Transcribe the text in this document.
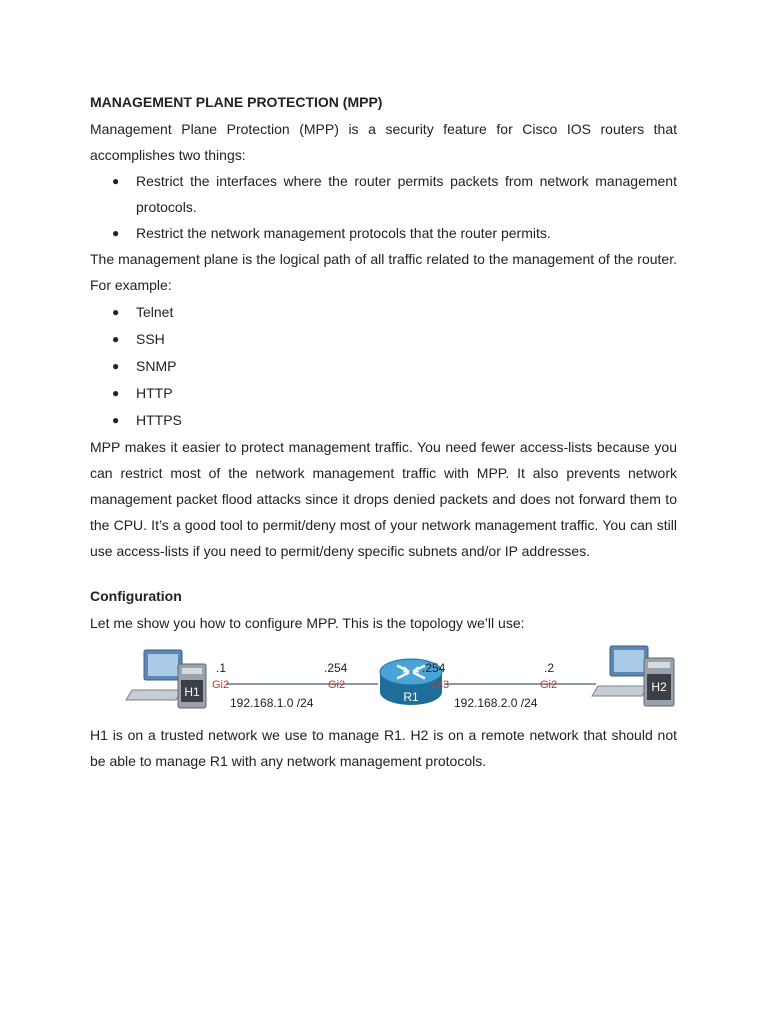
MANAGEMENT PLANE PROTECTION (MPP)

Management Plane Protection (MPP) is a security feature for Cisco IOS routers that accomplishes two things:

● Restrict the interfaces where the router permits packets from network management protocols.
● Restrict the network management protocols that the router permits.

The management plane is the logical path of all traffic related to the management of the router. For example:

● Telnet
● SSH
● SNMP
● HTTP
● HTTPS

MPP makes it easier to protect management traffic. You need fewer access-lists because you can restrict most of the network management traffic with MPP. It also prevents network management packet flood attacks since it drops denied packets and does not forward them to the CPU. It’s a good tool to permit/deny most of your network management traffic. You can still use access-lists if you need to permit/deny specific subnets and/or IP addresses.

Configuration

Let me show you how to configure MPP. This is the topology we’ll use:

H1	R1
H2
.1
Gi2
.254
Gi2
.254
Gi3
.2
Gi2
192.168.1.0 /24	192.168.2.0 /24

H1 is on a trusted network we use to manage R1. H2 is on a remote network that should not be able to manage R1 with any network management protocols.
